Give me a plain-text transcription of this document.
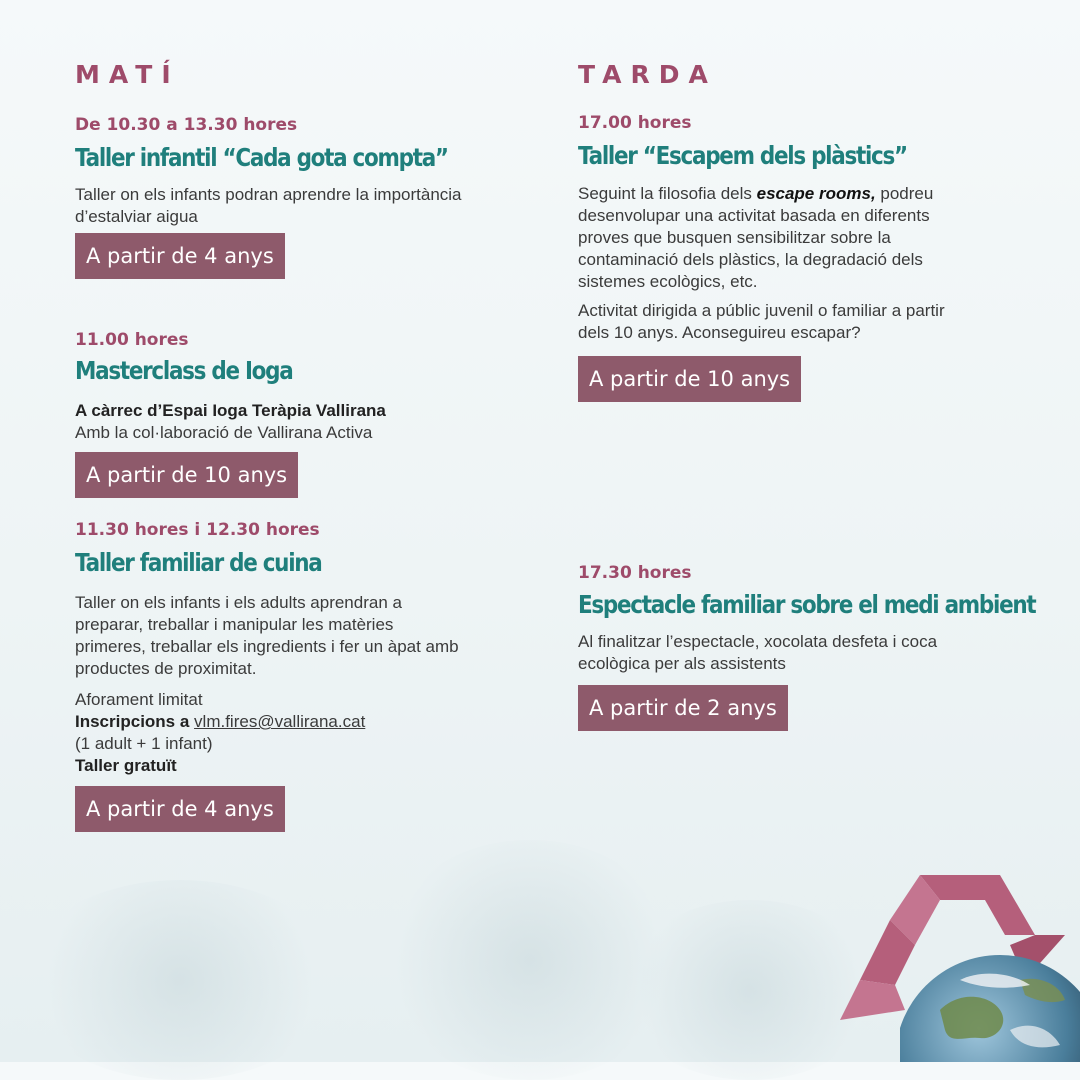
MATÍ
De 10.30 a 13.30 hores
Taller infantil “Cada gota compta”

Taller on els infants podran aprendre la importància

d’estalviar aigua

A partir de 4 anys
11.00 hores
Masterclass de Ioga

A càrrec d’Espai Ioga Teràpia Vallirana

Amb la col·laboració de Vallirana Activa

A partir de 10 anys
11.30 hores i 12.30 hores
Taller familiar de cuina

Taller on els infants i els adults aprendran a

preparar, treballar i manipular les matèries

primeres, treballar els ingredients i fer un àpat amb

productes de proximitat.

Aforament limitat

Inscripcions a vlm.fires@vallirana.cat

(1 adult + 1 infant)

Taller gratuït

A partir de 4 anys
TARDA
17.00 hores
Taller “Escapem dels plàstics”

Seguint la filosofia dels escape rooms, podreu

desenvolupar una activitat basada en diferents

proves que busquen sensibilitzar sobre la

contaminació dels plàstics, la degradació dels

sistemes ecològics, etc.

Activitat dirigida a públic juvenil o familiar a partir

dels 10 anys. Aconseguireu escapar?

A partir de 10 anys
17.30 hores
Espectacle familiar sobre el medi ambient

Al finalitzar l’espectacle, xocolata desfeta i coca

ecològica per als assistents

A partir de 2 anys
